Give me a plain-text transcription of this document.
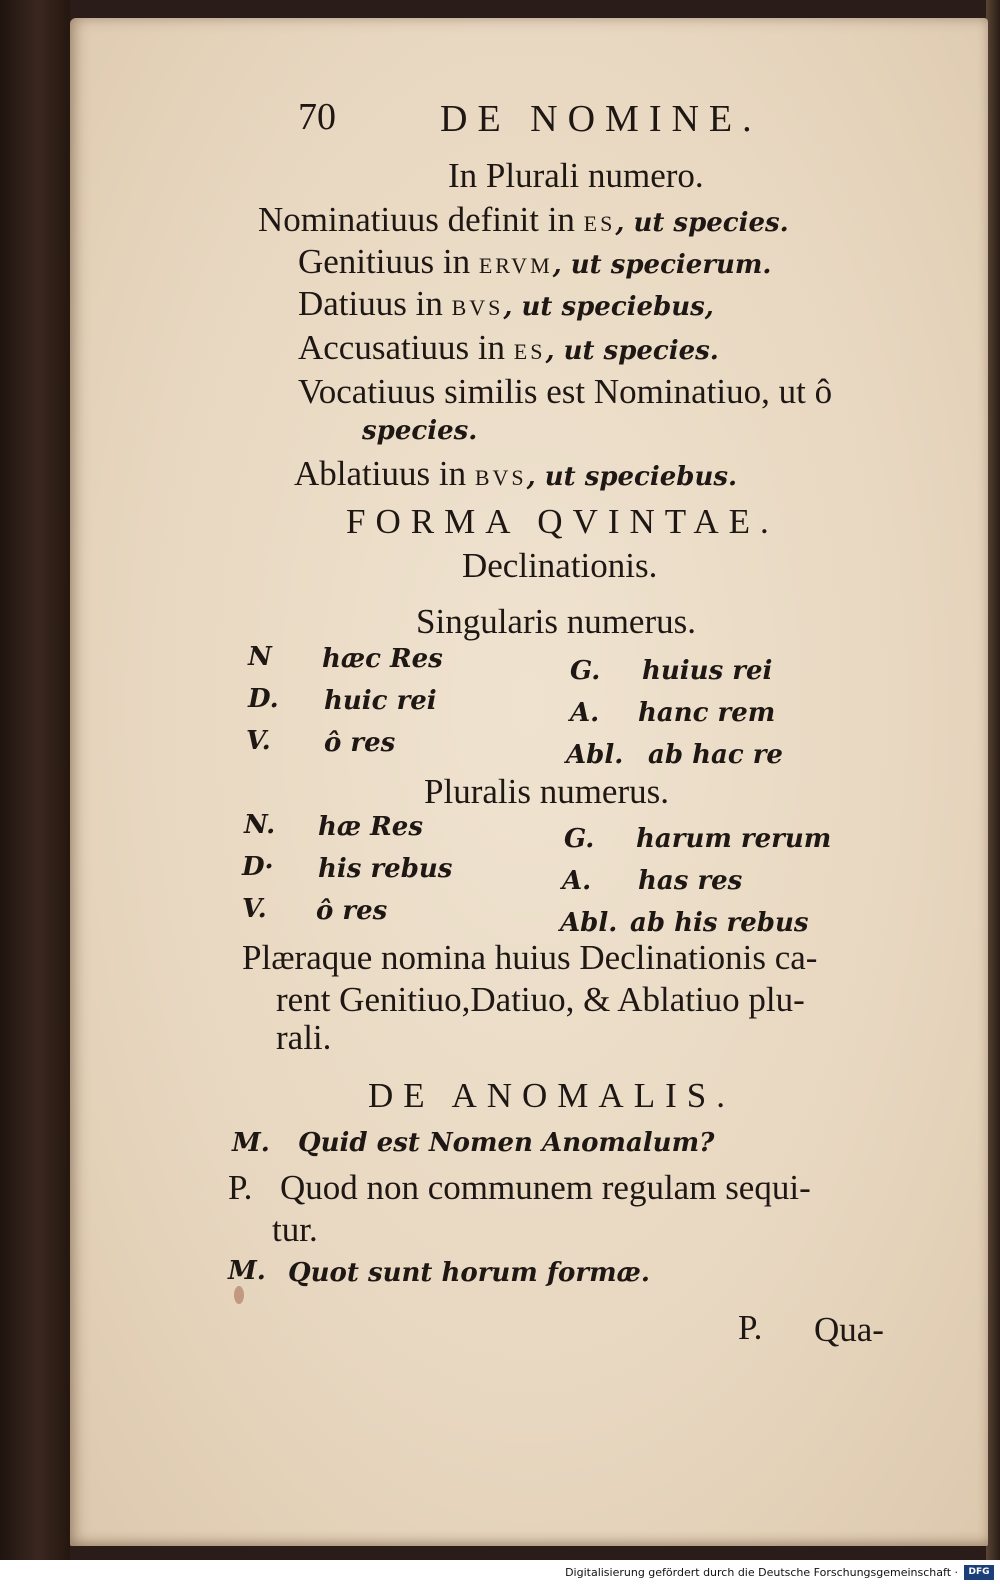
70	DE NOMINE.
In Plurali numero.
Nominatiuus definit in ES, ut species.
Genitiuus in ERVM, ut specierum.
Datiuus in BVS, ut speciebus,
Accusatiuus in ES, ut species.
Vocatiuus similis est Nominatiuo, ut ô
species.
Ablatiuus in BVS, ut speciebus.
FORMA QVINTAE.
Declinationis.
Singularis numerus.
N hæc Res	G. huius rei
D. huic rei	A. hanc rem
V. ô res	Abl. ab hac re
Pluralis numerus.
N. hæ Res	G. harum rerum
D· his rebus	A. has res
V. ô res	Abl. ab his rebus
Plæraque nomina huius Declinationis ca-
rent Genitiuo,Datiuo, & Ablatiuo plu-
rali.
DE ANOMALIS.
M. Quid est Nomen Anomalum?
P. Quod non communem regulam sequi-
tur.
M. Quot sunt horum formæ.
P. Qua-
Digitalisierung gefördert durch die Deutsche Forschungsgemeinschaft ·	DFG
